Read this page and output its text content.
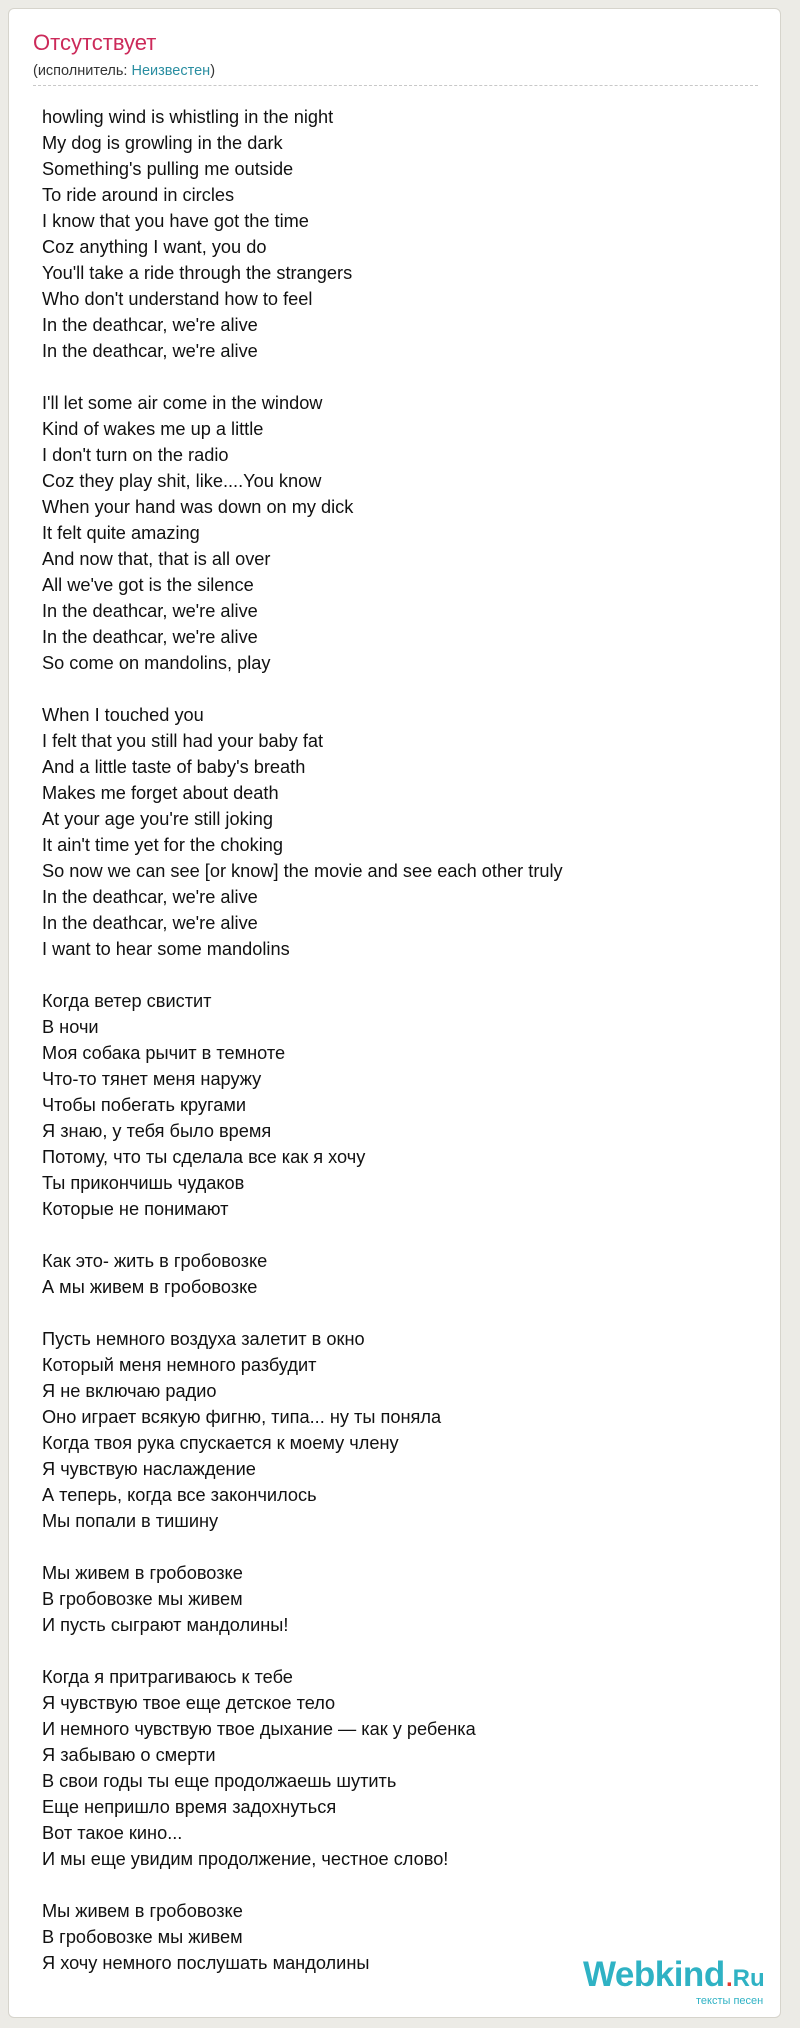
Отсутствует
(исполнитель: Неизвестен)
howling wind is whistling in the night
My dog is growling in the dark
Something's pulling me outside
To ride around in circles
I know that you have got the time
Coz anything I want, you do
You'll take a ride through the strangers
Who don't understand how to feel
In the deathcar, we're alive
In the deathcar, we're alive
I'll let some air come in the window
Kind of wakes me up a little
I don't turn on the radio
Coz they play shit, like....You know
When your hand was down on my dick
It felt quite amazing
And now that, that is all over
All we've got is the silence
In the deathcar, we're alive
In the deathcar, we're alive
So come on mandolins, play
When I touched you
I felt that you still had your baby fat
And a little taste of baby's breath
Makes me forget about death
At your age you're still joking
It ain't time yet for the choking
So now we can see [or know] the movie and see each other truly
In the deathcar, we're alive
In the deathcar, we're alive
I want to hear some mandolins
Когда ветер свистит
В ночи
Моя собака рычит в темноте
Что-то тянет меня наружу
Чтобы побегать кругами
Я знаю, у тебя было время
Потому, что ты сделала все как я хочу
Ты прикончишь чудаков
Которые не понимают
Как это- жить в гробовозке
А мы живем в гробовозке
Пусть немного воздуха залетит в окно
Который меня немного разбудит
Я не включаю радио
Оно играет всякую фигню, типа... ну ты поняла
Когда твоя рука спускается к моему члену
Я чувствую наслаждение
А теперь, когда все закончилось
Мы попали в тишину
Мы живем в гробовозке
В гробовозке мы живем
И пусть сыграют мандолины!
Когда я притрагиваюсь к тебе
Я чувствую твое еще детское тело
И немного чувствую твое дыхание — как у ребенка
Я забываю о смерти
В свои годы ты еще продолжаешь шутить
Еще непришло время задохнуться
Вот такое кино...
И мы еще увидим продолжение, честное слово!
Мы живем в гробовозке
В гробовозке мы живем
Я хочу немного послушать мандолины	Webkind .Ru
тексты песен
